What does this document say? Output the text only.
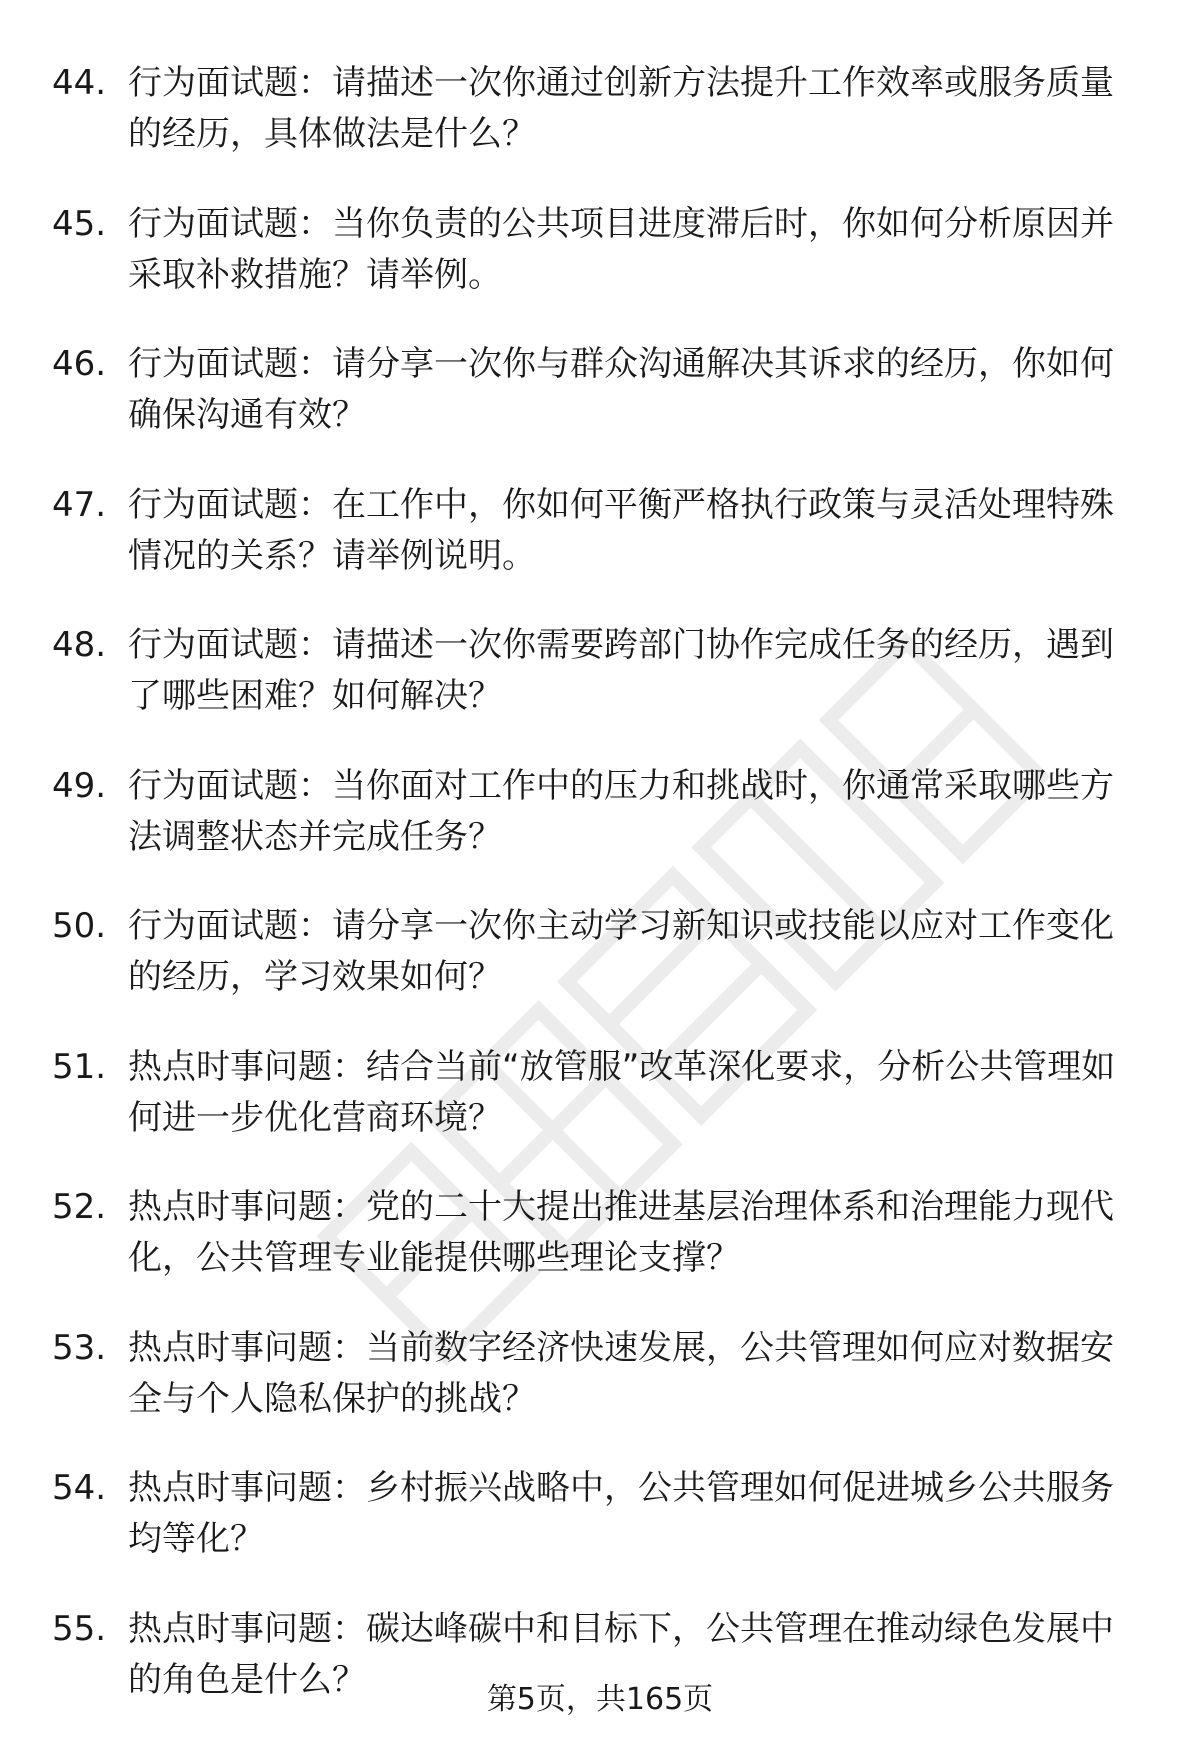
44. 行为面试题：请描述一次你通过创新方法提升工作效率或服务质量的经历，具体做法是什么？
45. 行为面试题：当你负责的公共项目进度滞后时，你如何分析原因并采取补救措施？请举例。
46. 行为面试题：请分享一次你与群众沟通解决其诉求的经历，你如何确保沟通有效？
47. 行为面试题：在工作中，你如何平衡严格执行政策与灵活处理特殊情况的关系？请举例说明。
48. 行为面试题：请描述一次你需要跨部门协作完成任务的经历，遇到了哪些困难？如何解决？
49. 行为面试题：当你面对工作中的压力和挑战时，你通常采取哪些方法调整状态并完成任务？
50. 行为面试题：请分享一次你主动学习新知识或技能以应对工作变化的经历，学习效果如何？
51. 热点时事问题：结合当前“放管服”改革深化要求，分析公共管理如何进一步优化营商环境？
52. 热点时事问题：党的二十大提出推进基层治理体系和治理能力现代化，公共管理专业能提供哪些理论支撑？
53. 热点时事问题：当前数字经济快速发展，公共管理如何应对数据安全与个人隐私保护的挑战？
54. 热点时事问题：乡村振兴战略中，公共管理如何促进城乡公共服务均等化？
55. 热点时事问题：碳达峰碳中和目标下，公共管理在推动绿色发展中的角色是什么？	第5页，共165页
